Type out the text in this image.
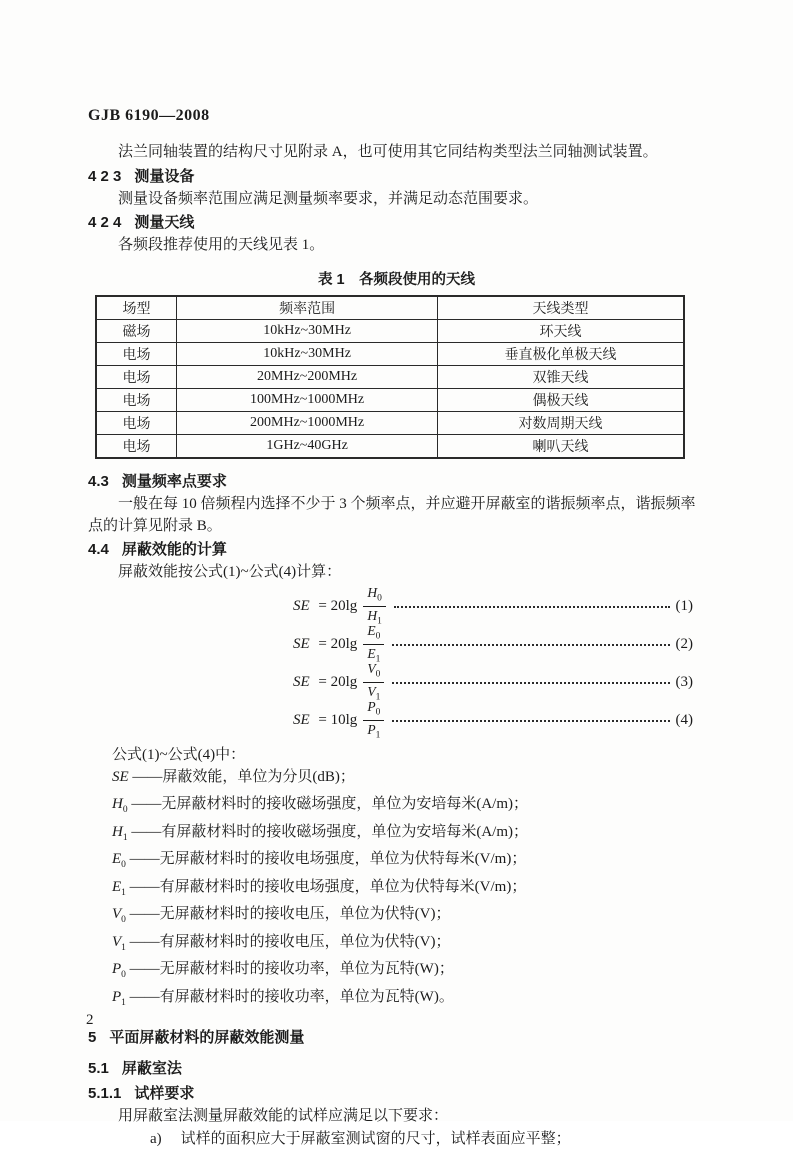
GJB 6190—2008

法兰同轴装置的结构尺寸见附录 A，也可使用其它同结构类型法兰同轴测试装置。

4 2 3 测量设备

测量设备频率范围应满足测量频率要求，并满足动态范围要求。

4 2 4 测量天线

各频段推荐使用的天线见表 1。

表 1　各频段使用的天线
场型	频率范围	天线类型
磁场	10kHz~30MHz	环天线
电场	10kHz~30MHz	垂直极化单极天线
电场	20MHz~200MHz	双锥天线
电场	100MHz~1000MHz	偶极天线
电场	200MHz~1000MHz	对数周期天线
电场	1GHz~40GHz	喇叭天线
4.3 测量频率点要求

一般在每 10 倍频程内选择不少于 3 个频率点，并应避开屏蔽室的谐振频率点，谐振频率点的计算见附录 B。

4.4 屏蔽效能的计算

屏蔽效能按公式(1)~公式(4)计算：

SE = $20\lg \frac{H_0}{H_1}$	(1)
SE = $20\lg \frac{E_0}{E_1}$	(2)
SE = $20\lg \frac{V_0}{V_1}$	(3)
SE = $10\lg \frac{P_0}{P_1}$	(4)
公式(1)~公式(4)中：
SE ——屏蔽效能，单位为分贝(dB)；
$H_0$ ——无屏蔽材料时的接收磁场强度，单位为安培每米(A/m)；
$H_1$ ——有屏蔽材料时的接收磁场强度，单位为安培每米(A/m)；
$E_0$ ——无屏蔽材料时的接收电场强度，单位为伏特每米(V/m)；
$E_1$ ——有屏蔽材料时的接收电场强度，单位为伏特每米(V/m)；
$V_0$ ——无屏蔽材料时的接收电压，单位为伏特(V)；
$V_1$ ——有屏蔽材料时的接收电压，单位为伏特(V)；
$P_0$ ——无屏蔽材料时的接收功率，单位为瓦特(W)；
$P_1$ ——有屏蔽材料时的接收功率，单位为瓦特(W)。
5 平面屏蔽材料的屏蔽效能测量
5.1 屏蔽室法
5.1.1 试样要求

用屏蔽室法测量屏蔽效能的试样应满足以下要求：

a) 试样的面积应大于屏蔽室测试窗的尺寸，试样表面应平整；
2
